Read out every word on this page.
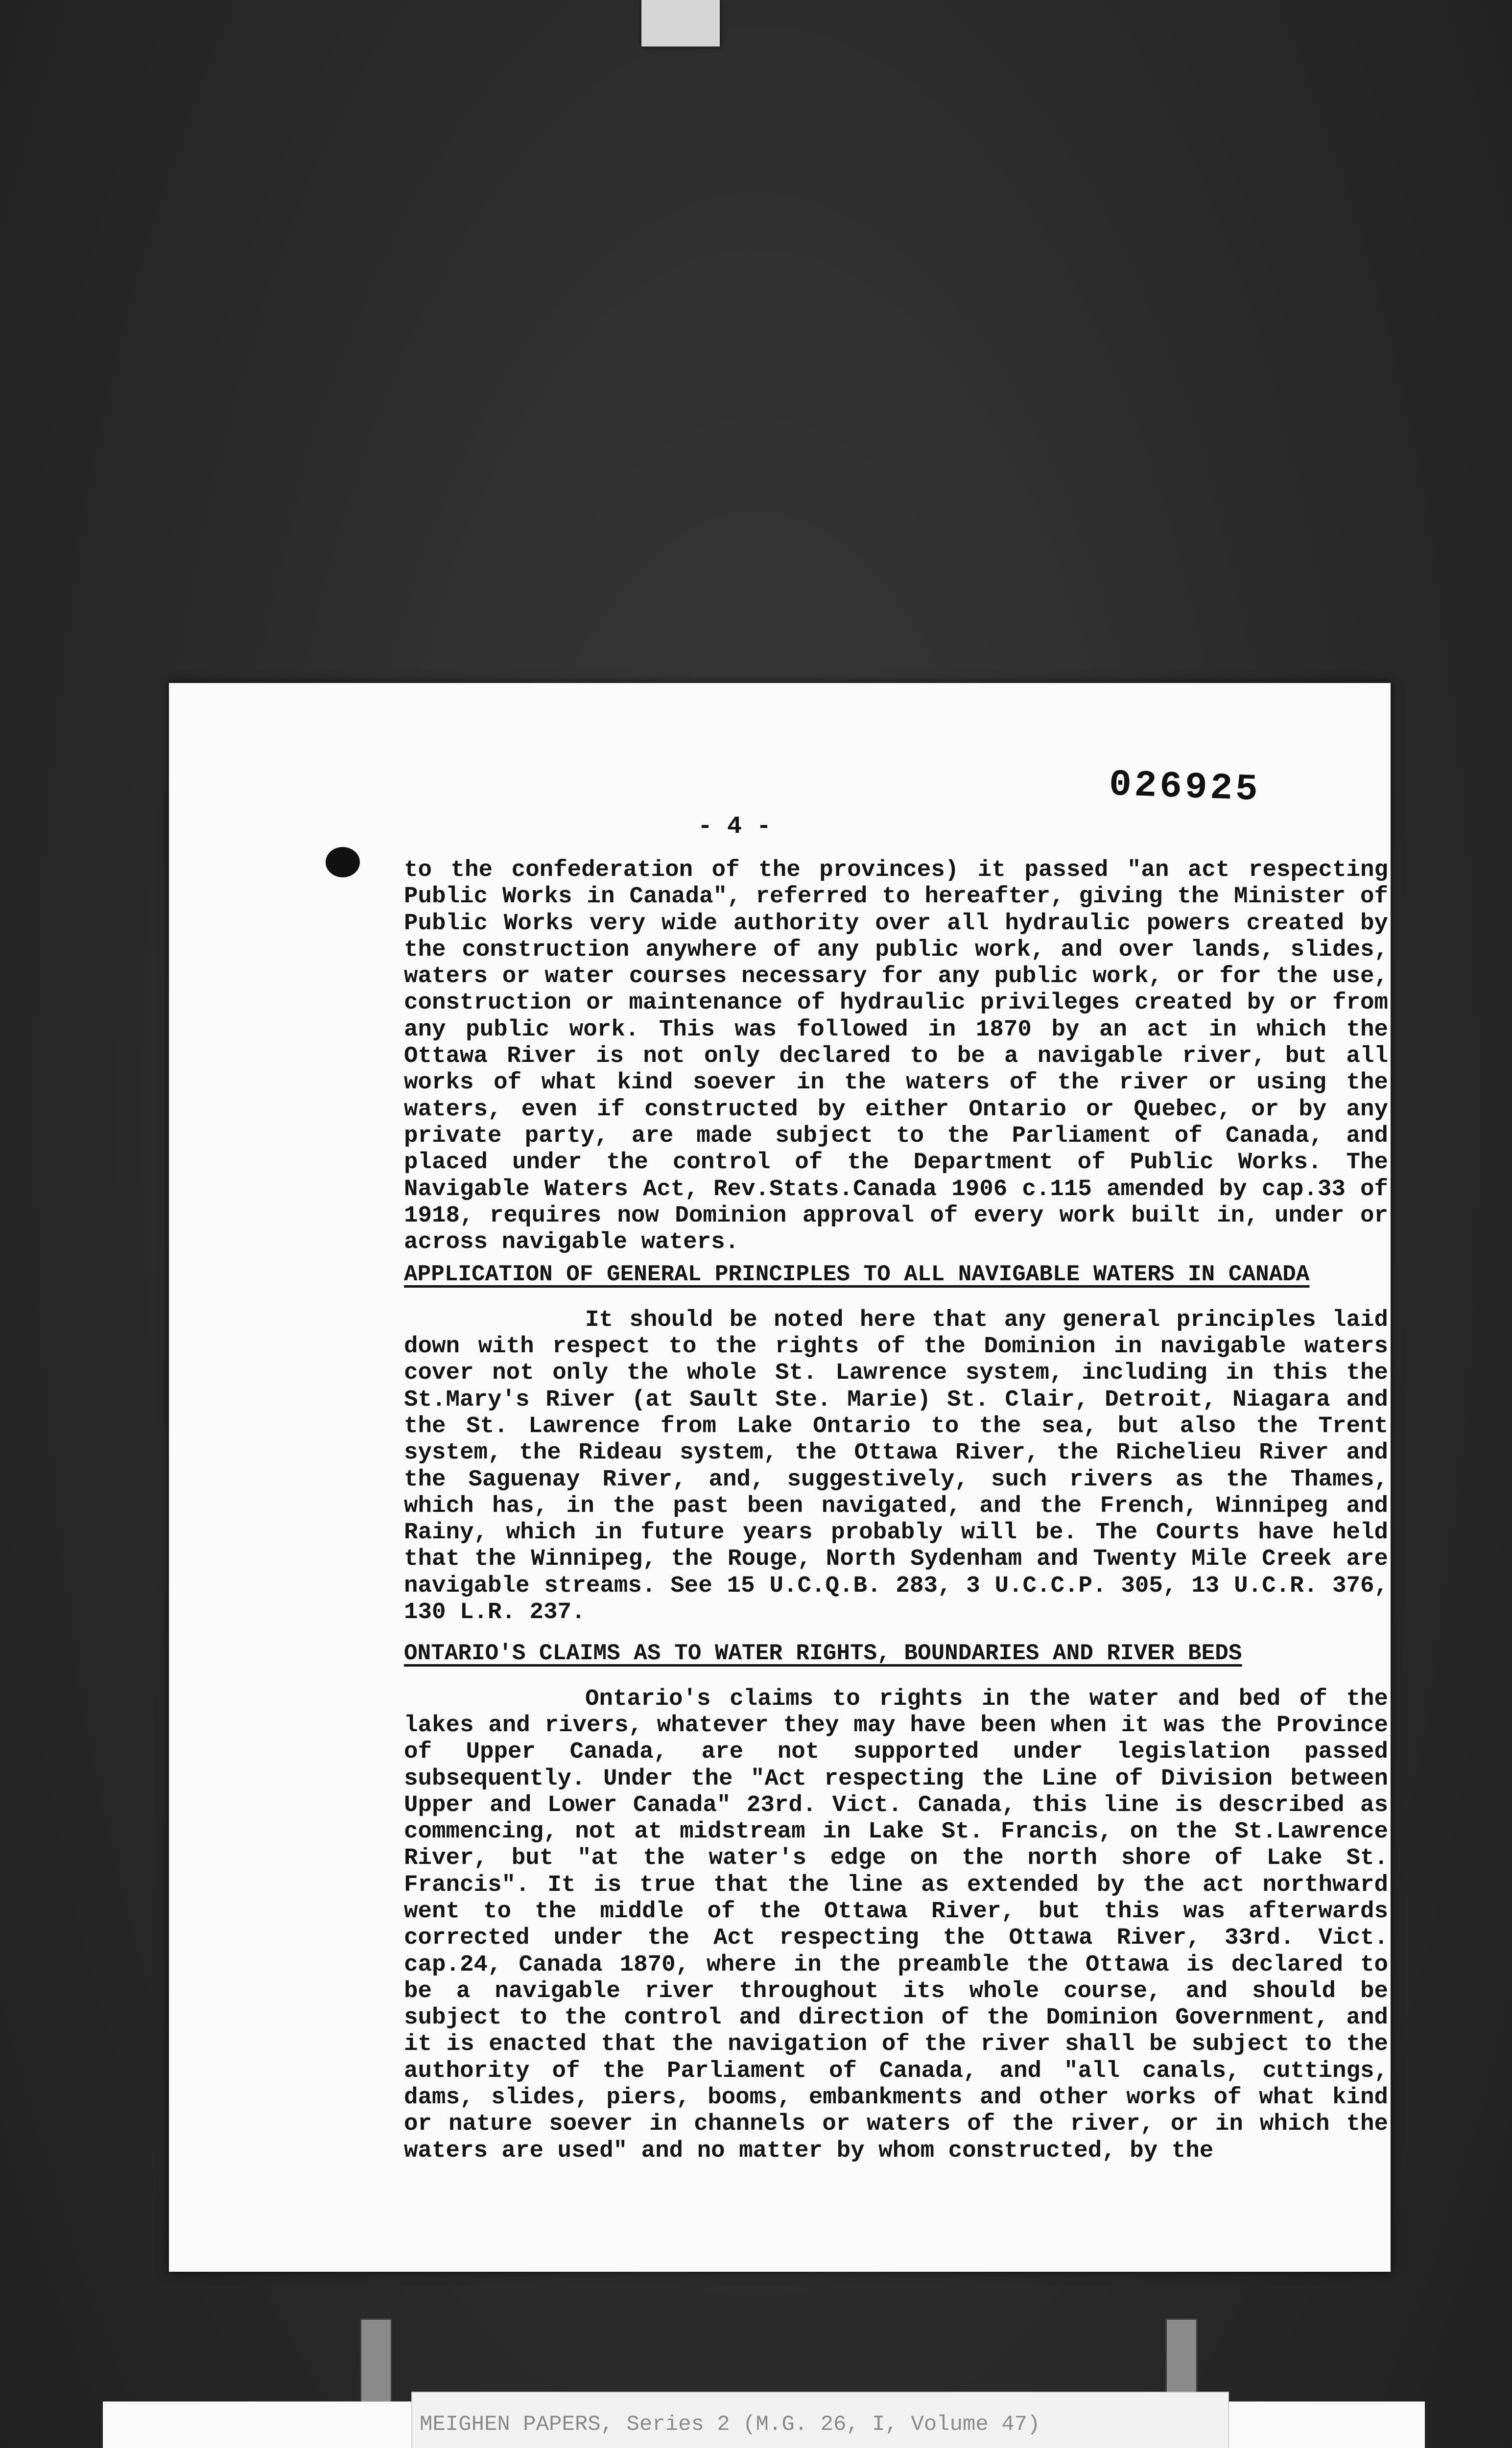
026925
- 4 -

to the confederation of the provinces) it passed "an act respecting Public Works in Canada", referred to hereafter, giving the Minister of Public Works very wide authority over all hydraulic powers created by the construction anywhere of any public work, and over lands, slides, waters or water courses necessary for any public work, or for the use, construction or maintenance of hydraulic privileges created by or from any public work. This was followed in 1870 by an act in which the Ottawa River is not only declared to be a navigable river, but all works of what kind soever in the waters of the river or using the waters, even if constructed by either Ontario or Quebec, or by any private party, are made subject to the Parliament of Canada, and placed under the control of the Department of Public Works. The Navigable Waters Act, Rev.Stats.Canada 1906 c.115 amended by cap.33 of 1918, requires now Dominion approval of every work built in, under or across navigable waters.

APPLICATION OF GENERAL PRINCIPLES TO ALL NAVIGABLE WATERS IN CANADA

It should be noted here that any general principles laid down with respect to the rights of the Dominion in navigable waters cover not only the whole St. Lawrence system, including in this the St.Mary's River (at Sault Ste. Marie) St. Clair, Detroit, Niagara and the St. Lawrence from Lake Ontario to the sea, but also the Trent system, the Rideau system, the Ottawa River, the Richelieu River and the Saguenay River, and, suggestively, such rivers as the Thames, which has, in the past been navigated, and the French, Winnipeg and Rainy, which in future years probably will be. The Courts have held that the Winnipeg, the Rouge, North Sydenham and Twenty Mile Creek are navigable streams. See 15 U.C.Q.B. 283, 3 U.C.C.P. 305, 13 U.C.R. 376, 130 L.R. 237.

ONTARIO'S CLAIMS AS TO WATER RIGHTS, BOUNDARIES AND RIVER BEDS

Ontario's claims to rights in the water and bed of the lakes and rivers, whatever they may have been when it was the Province of Upper Canada, are not supported under legislation passed subsequently. Under the "Act respecting the Line of Division between Upper and Lower Canada" 23rd. Vict. Canada, this line is described as commencing, not at midstream in Lake St. Francis, on the St.Lawrence River, but "at the water's edge on the north shore of Lake St. Francis". It is true that the line as extended by the act northward went to the middle of the Ottawa River, but this was afterwards corrected under the Act respecting the Ottawa River, 33rd. Vict. cap.24, Canada 1870, where in the preamble the Ottawa is declared to be a navigable river throughout its whole course, and should be subject to the control and direction of the Dominion Government, and it is enacted that the navigation of the river shall be subject to the authority of the Parliament of Canada, and "all canals, cuttings, dams, slides, piers, booms, embankments and other works of what kind or nature soever in channels or waters of the river, or in which the waters are used" and no matter by whom constructed, by the

MEIGHEN PAPERS, Series 2 (M.G. 26, I, Volume 47)
